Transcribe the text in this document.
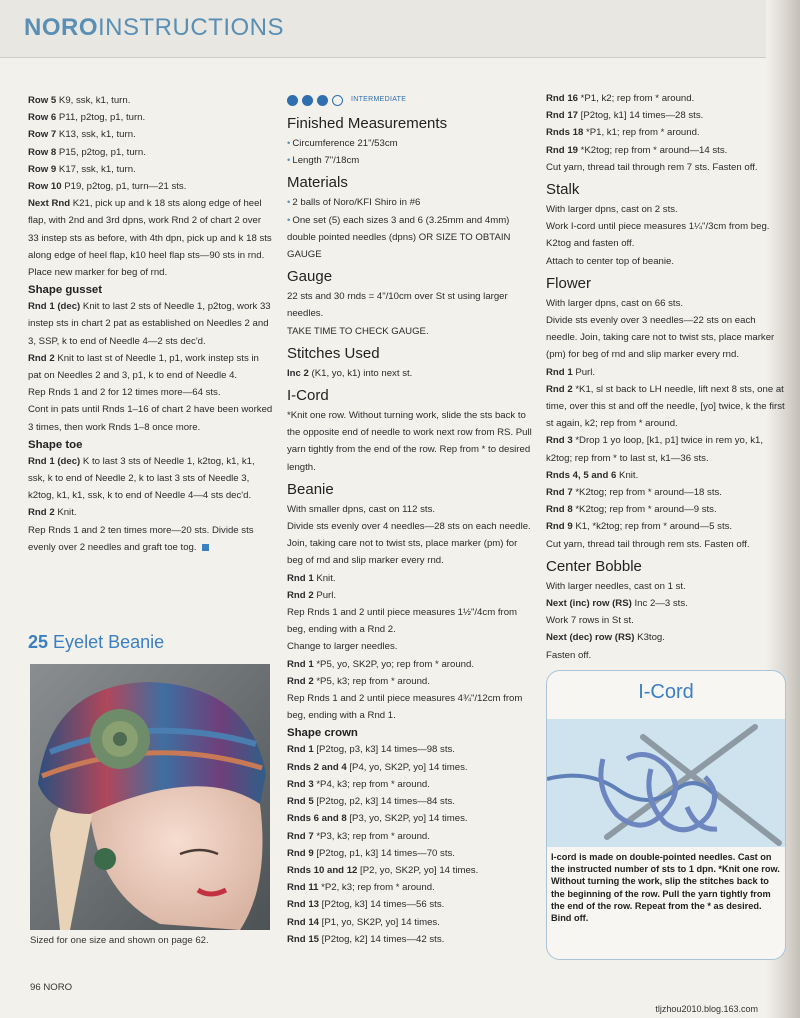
NOROINSTRUCTIONS

Row 5 K9, ssk, k1, turn.

Row 6 P11, p2tog, p1, turn.

Row 7 K13, ssk, k1, turn.

Row 8 P15, p2tog, p1, turn.

Row 9 K17, ssk, k1, turn.

Row 10 P19, p2tog, p1, turn—21 sts.

Next Rnd K21, pick up and k 18 sts along edge of heel flap, with 2nd and 3rd dpns, work Rnd 2 of chart 2 over 33 instep sts as before, with 4th dpn, pick up and k 18 sts along edge of heel flap, k10 heel flap sts—90 sts in rnd. Place new marker for beg of rnd.

Shape gusset

Rnd 1 (dec) Knit to last 2 sts of Needle 1, p2tog, work 33 instep sts in chart 2 pat as established on Needles 2 and 3, SSP, k to end of Needle 4—2 sts dec'd.

Rnd 2 Knit to last st of Needle 1, p1, work instep sts in pat on Needles 2 and 3, p1, k to end of Needle 4.

Rep Rnds 1 and 2 for 12 times more—64 sts.

Cont in pats until Rnds 1–16 of chart 2 have been worked 3 times, then work Rnds 1–8 once more.

Shape toe

Rnd 1 (dec) K to last 3 sts of Needle 1, k2tog, k1, k1, ssk, k to end of Needle 2, k to last 3 sts of Needle 3, k2tog, k1, k1, ssk, k to end of Needle 4—4 sts dec'd.

Rnd 2 Knit.

Rep Rnds 1 and 2 ten times more—20 sts. Divide sts evenly over 2 needles and graft toe tog.

25 Eyelet Beanie
Sized for one size and shown on page 62.
96 NORO
INTERMEDIATE
Finished Measurements

• Circumference 21"/53cm

• Length 7"/18cm

Materials

• 2 balls of Noro/KFI Shiro in #6

• One set (5) each sizes 3 and 6 (3.25mm and 4mm) double pointed needles (dpns) OR SIZE TO OBTAIN GAUGE

Gauge

22 sts and 30 rnds = 4"/10cm over St st using larger needles.

TAKE TIME TO CHECK GAUGE.

Stitches Used

Inc 2 (K1, yo, k1) into next st.

I-Cord

*Knit one row. Without turning work, slide the sts back to the opposite end of needle to work next row from RS. Pull yarn tightly from the end of the row. Rep from * to desired length.

Beanie

With smaller dpns, cast on 112 sts.

Divide sts evenly over 4 needles—28 sts on each needle. Join, taking care not to twist sts, place marker (pm) for beg of rnd and slip marker every rnd.

Rnd 1 Knit.

Rnd 2 Purl.

Rep Rnds 1 and 2 until piece measures 1½"/4cm from beg, ending with a Rnd 2.

Change to larger needles.

Rnd 1 *P5, yo, SK2P, yo; rep from * around.

Rnd 2 *P5, k3; rep from * around.

Rep Rnds 1 and 2 until piece measures 4¾"/12cm from beg, ending with a Rnd 1.

Shape crown

Rnd 1 [P2tog, p3, k3] 14 times—98 sts.

Rnds 2 and 4 [P4, yo, SK2P, yo] 14 times.

Rnd 3 *P4, k3; rep from * around.

Rnd 5 [P2tog, p2, k3] 14 times—84 sts.

Rnds 6 and 8 [P3, yo, SK2P, yo] 14 times.

Rnd 7 *P3, k3; rep from * around.

Rnd 9 [P2tog, p1, k3] 14 times—70 sts.

Rnds 10 and 12 [P2, yo, SK2P, yo] 14 times.

Rnd 11 *P2, k3; rep from * around.

Rnd 13 [P2tog, k3] 14 times—56 sts.

Rnd 14 [P1, yo, SK2P, yo] 14 times.

Rnd 15 [P2tog, k2] 14 times—42 sts.

Rnd 16 *P1, k2; rep from * around.

Rnd 17 [P2tog, k1] 14 times—28 sts.

Rnds 18 *P1, k1; rep from * around.

Rnd 19 *K2tog; rep from * around—14 sts.

Cut yarn, thread tail through rem 7 sts. Fasten off.

Stalk

With larger dpns, cast on 2 sts.

Work I-cord until piece measures 1¼"/3cm from beg. K2tog and fasten off.

Attach to center top of beanie.

Flower

With larger dpns, cast on 66 sts.

Divide sts evenly over 3 needles—22 sts on each needle. Join, taking care not to twist sts, place marker (pm) for beg of rnd and slip marker every rnd.

Rnd 1 Purl.

Rnd 2 *K1, sl st back to LH needle, lift next 8 sts, one at time, over this st and off the needle, [yo] twice, k the first st again, k2; rep from * around.

Rnd 3 *Drop 1 yo loop, [k1, p1] twice in rem yo, k1, k2tog; rep from * to last st, k1—36 sts.

Rnds 4, 5 and 6 Knit.

Rnd 7 *K2tog; rep from * around—18 sts.

Rnd 8 *K2tog; rep from * around—9 sts.

Rnd 9 K1, *k2tog; rep from * around—5 sts.

Cut yarn, thread tail through rem sts. Fasten off.

Center Bobble

With larger needles, cast on 1 st.

Next (inc) row (RS) Inc 2—3 sts.

Work 7 rows in St st.

Next (dec) row (RS) K3tog.

Fasten off.

I-Cord
I-cord is made on double-pointed needles. Cast on the instructed number of sts to 1 dpn. *Knit one row. Without turning the work, slip the stitches back to the beginning of the row. Pull the yarn tightly from the end of the row. Repeat from the * as desired. Bind off.
tljzhou2010.blog.163.com
